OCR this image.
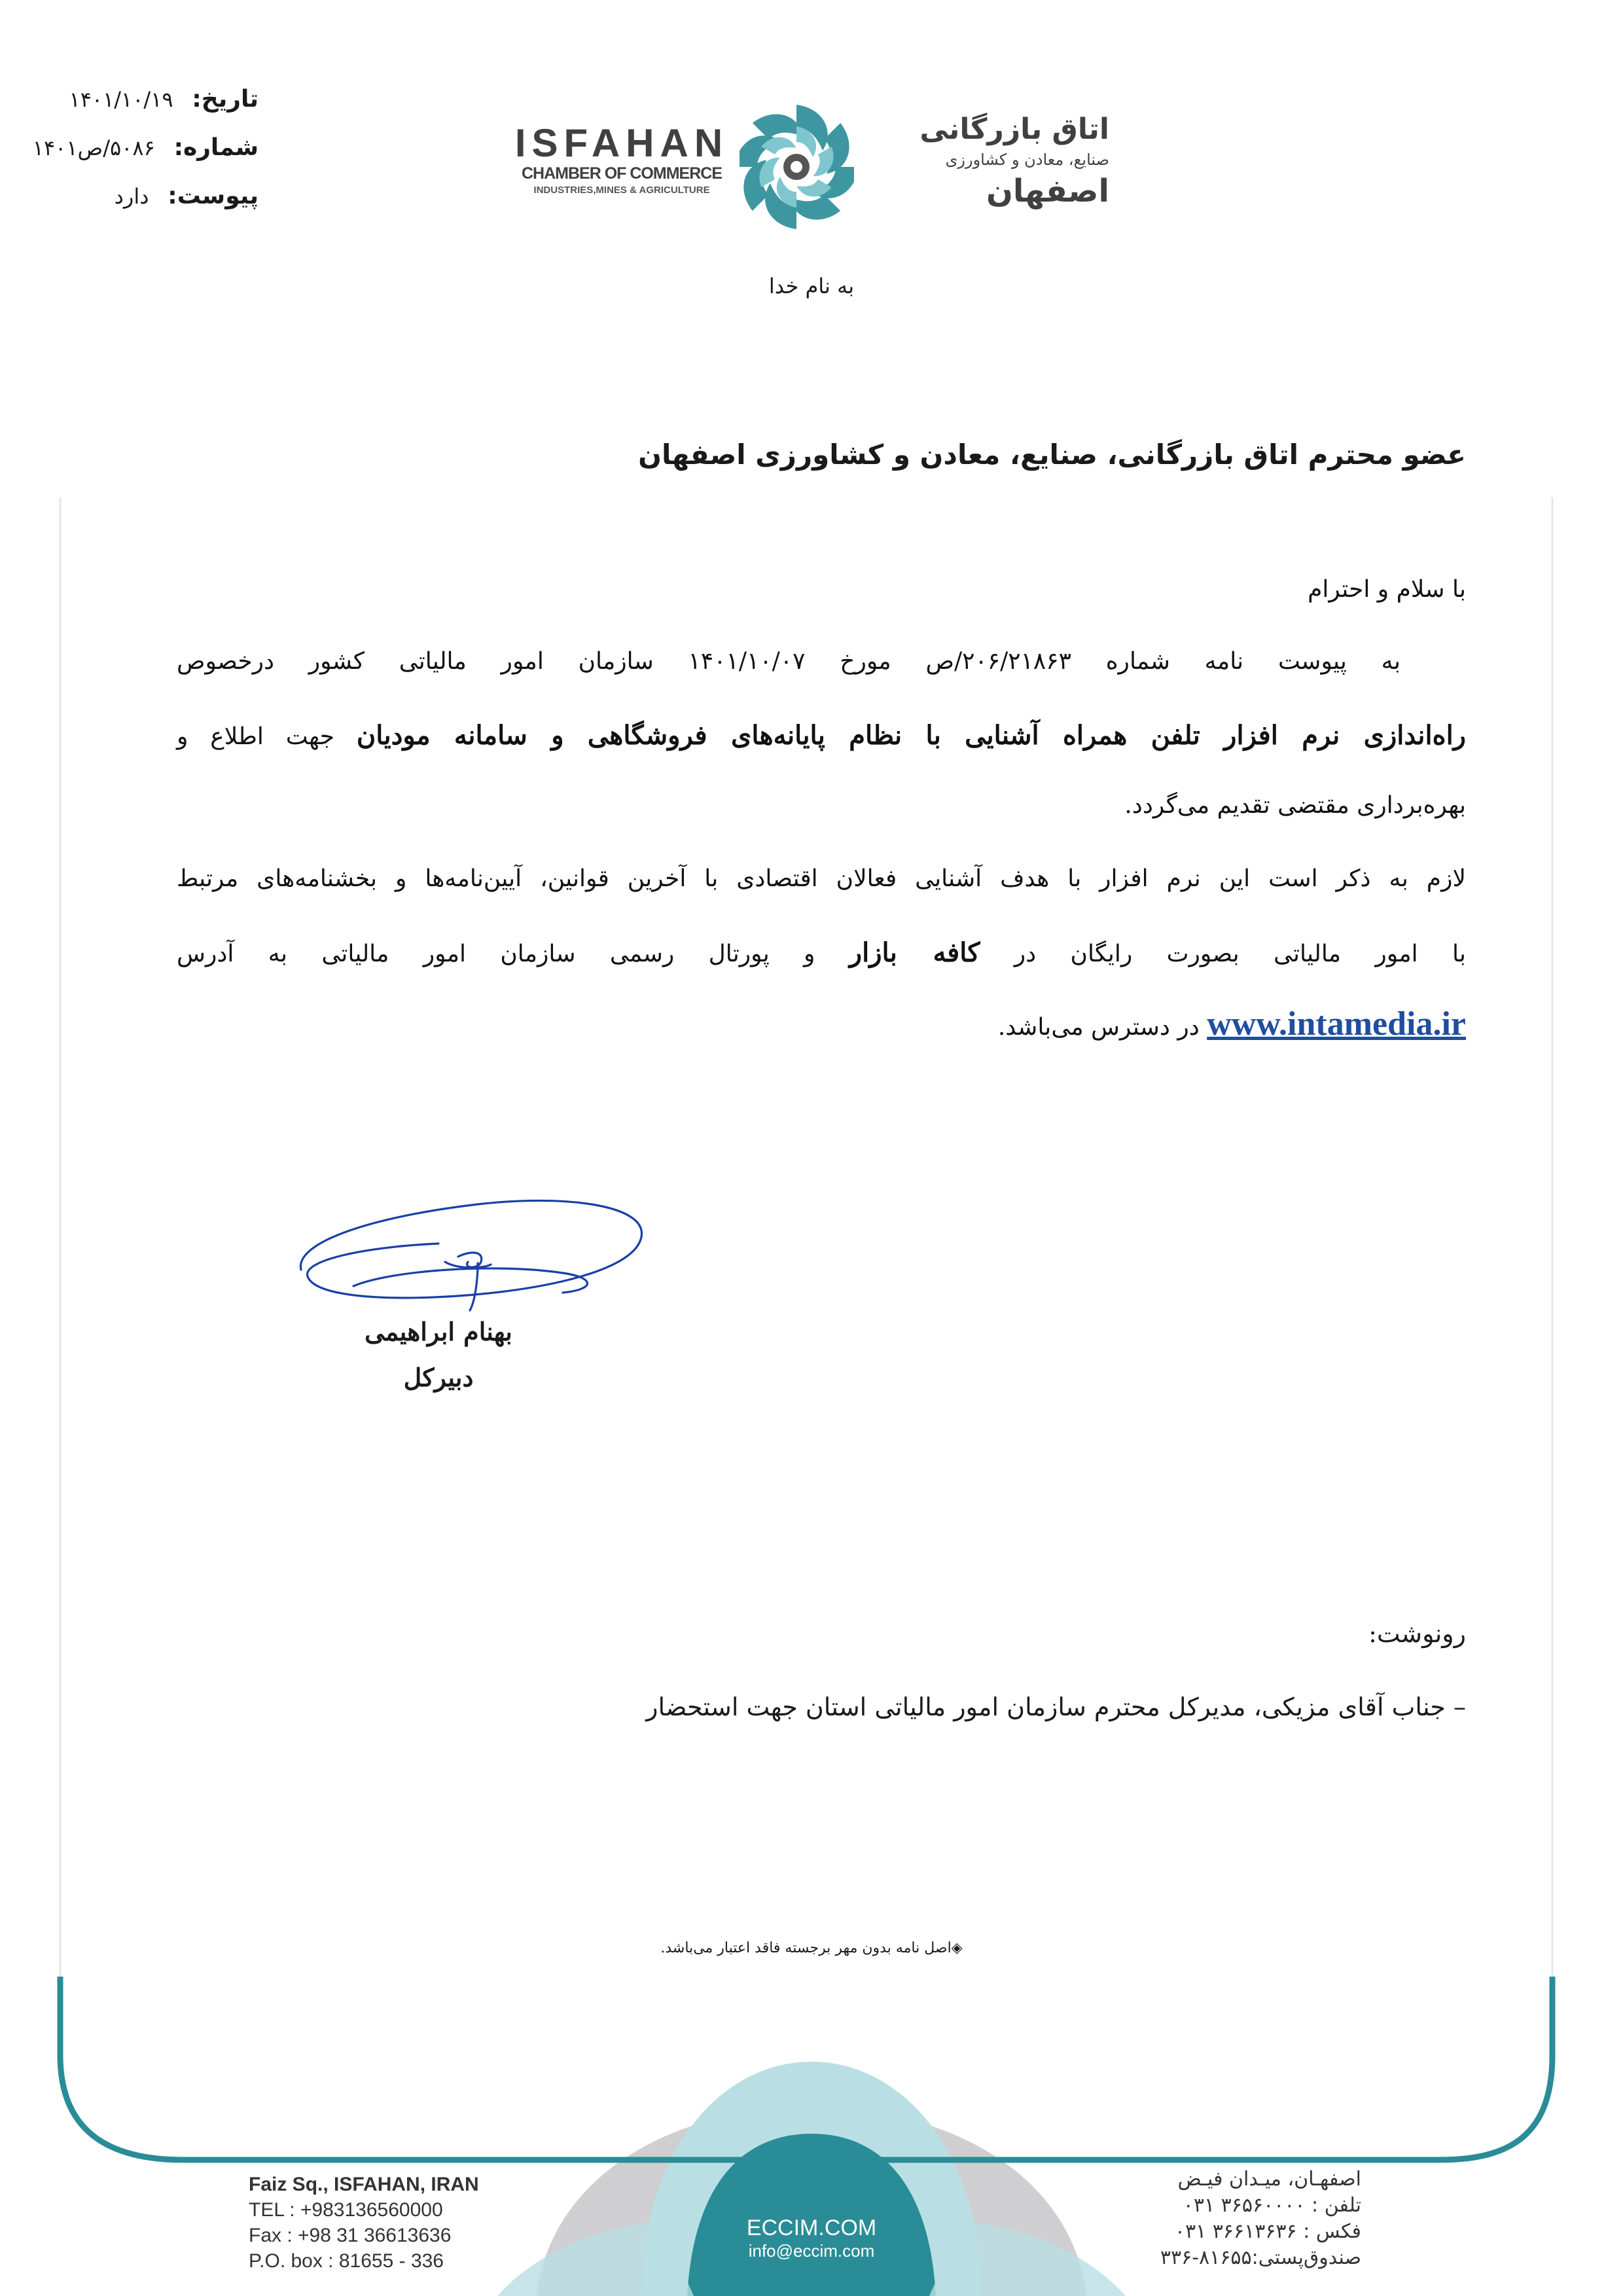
تاریخ: ۱۴۰۱/۱۰/۱۹
شماره: ۵۰۸۶/ص۱۴۰۱
پیوست: دارد
ISFAHAN
CHAMBER OF COMMERCE
INDUSTRIES,MINES & AGRICULTURE
اتاق بازرگانی
صنایع، معادن و کشاورزی
اصفهان
به نام خدا
عضو محترم اتاق بازرگانی، صنایع، معادن و کشاورزی اصفهان
با سلام و احترام
به پیوست نامه شماره ۲۰۶/۲۱۸۶۳/ص مورخ ۱۴۰۱/۱۰/۰۷ سازمان امور مالیاتی کشور درخصوص
راه‌اندازی نرم افزار تلفن همراه آشنایی با نظام پایانه‌های فروشگاهی و سامانه مودیان جهت اطلاع و
بهره‌برداری مقتضی تقدیم می‌گردد.
لازم به ذکر است این نرم افزار با هدف آشنایی فعالان اقتصادی با آخرین قوانین، آیین‌نامه‌ها و بخشنامه‌های مرتبط
با امور مالیاتی بصورت رایگان در کافه بازار و پورتال رسمی سازمان امور مالیاتی به آدرس
www.intamedia.ir در دسترس می‌باشد.
بهنام ابراهیمی
دبیرکل
رونوشت:
– جناب آقای مزیکی، مدیرکل محترم سازمان امور مالیاتی استان جهت استحضار
◈اصل نامه بدون مهر برجسته فاقد اعتبار می‌باشد.
Faiz Sq., ISFAHAN, IRAN
TEL : +983136560000
Fax : +98 31 36613636
P.O. box : 81655 - 336
ECCIM.COM
info@eccim.com
اصفهـان، میـدان فیـض
تلفن : ۳۶۵۶۰۰۰۰ ۰۳۱
فکس : ۳۶۶۱۳۶۳۶ ۰۳۱
صندوق‌پستی:۸۱۶۵۵-۳۳۶
